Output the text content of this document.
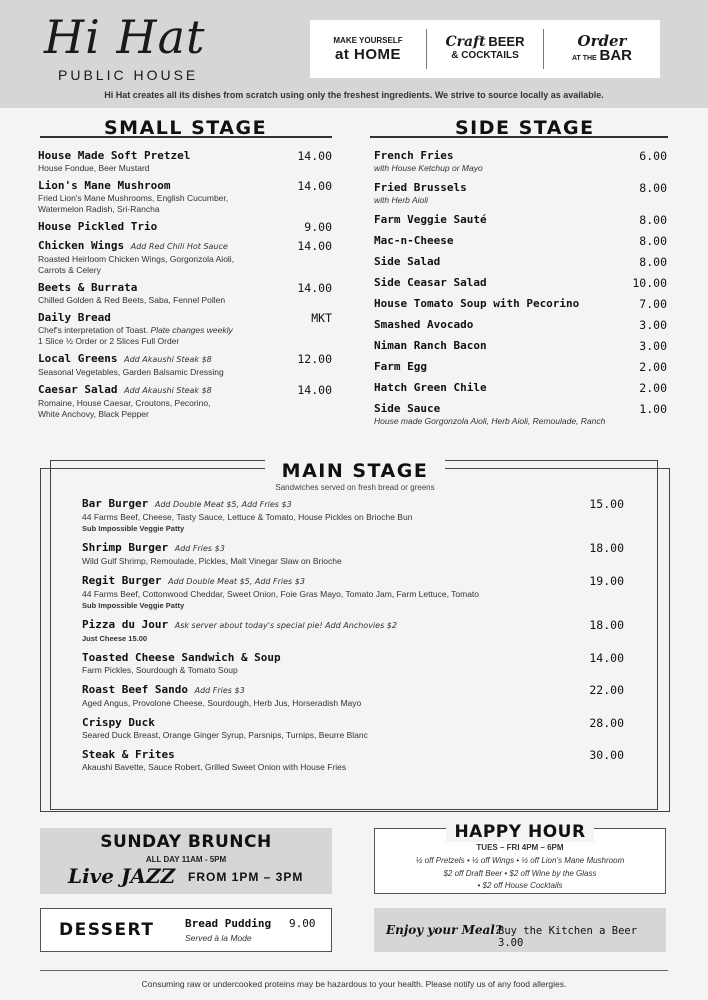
Hi Hat
PUBLIC HOUSE
MAKE YOURSELF
at HOME
Craft BEER
& COCKTAILS
Order
AT THE BAR
Hi Hat creates all its dishes from scratch using only the freshest ingredients. We strive to source locally as available.
SMALL STAGE
House Made Soft Pretzel	14.00
House Fondue, Beer Mustard
Lion's Mane Mushroom	14.00
Fried Lion's Mane Mushrooms, English Cucumber,
Watermelon Radish, Sri-Rancha
House Pickled Trio	9.00
Chicken Wings Add Red Chili Hot Sauce	14.00
Roasted Heirloom Chicken Wings, Gorgonzola Aioli,
Carrots & Celery
Beets & Burrata	14.00
Chilled Golden & Red Beets, Saba, Fennel Pollen
Daily Bread	MKT
Chef's interpretation of Toast. Plate changes weekly
1 Slice ½ Order or 2 Slices Full Order
Local Greens Add Akaushi Steak $8	12.00
Seasonal Vegetables, Garden Balsamic Dressing
Caesar Salad Add Akaushi Steak $8	14.00
Romaine, House Caesar, Croutons, Pecorino,
White Anchovy, Black Pepper
SIDE STAGE
French Fries	6.00
with House Ketchup or Mayo
Fried Brussels	8.00
with Herb Aioli
Farm Veggie Sauté	8.00
Mac-n-Cheese	8.00
Side Salad	8.00
Side Ceasar Salad	10.00
House Tomato Soup with Pecorino	7.00
Smashed Avocado	3.00
Niman Ranch Bacon	3.00
Farm Egg	2.00
Hatch Green Chile	2.00
Side Sauce	1.00
House made Gorgonzola Aioli, Herb Aioli, Remoulade, Ranch
MAIN STAGE
Sandwiches served on fresh bread or greens
Bar Burger Add Double Meat $5, Add Fries $3	15.00
44 Farms Beef, Cheese, Tasty Sauce, Lettuce & Tomato, House Pickles on Brioche Bun
Sub Impossible Veggie Patty
Shrimp Burger Add Fries $3	18.00
Wild Gulf Shrimp, Remoulade, Pickles, Malt Vinegar Slaw on Brioche
Regit Burger Add Double Meat $5, Add Fries $3	19.00
44 Farms Beef, Cottonwood Cheddar, Sweet Onion, Foie Gras Mayo, Tomato Jam, Farm Lettuce, Tomato
Sub Impossible Veggie Patty
Pizza du Jour Ask server about today's special pie! Add Anchovies $2	18.00
Just Cheese 15.00
Toasted Cheese Sandwich & Soup	14.00
Farm Pickles, Sourdough & Tomato Soup
Roast Beef Sando Add Fries $3	22.00
Aged Angus, Provolone Cheese, Sourdough, Herb Jus, Horseradish Mayo
Crispy Duck	28.00
Seared Duck Breast, Orange Ginger Syrup, Parsnips, Turnips, Beurre Blanc
Steak & Frites	30.00
Akaushi Bavette, Sauce Robert, Grilled Sweet Onion with House Fries
SUNDAY BRUNCH
ALL DAY 11AM - 5PM
Live JAZZ FROM 1PM – 3PM
HAPPY HOUR
TUES – FRI 4PM – 6PM
½ off Pretzels • ½ off Wings • ½ off Lion's Mane Mushroom
$2 off Draft Beer • $2 off Wine by the Glass
• $2 off House Cocktails
DESSERT	Bread Pudding 9.00
Served à la Mode
Enjoy your Meal?
Buy the Kitchen a Beer 3.00
Consuming raw or undercooked proteins may be hazardous to your health. Please notify us of any food allergies.
